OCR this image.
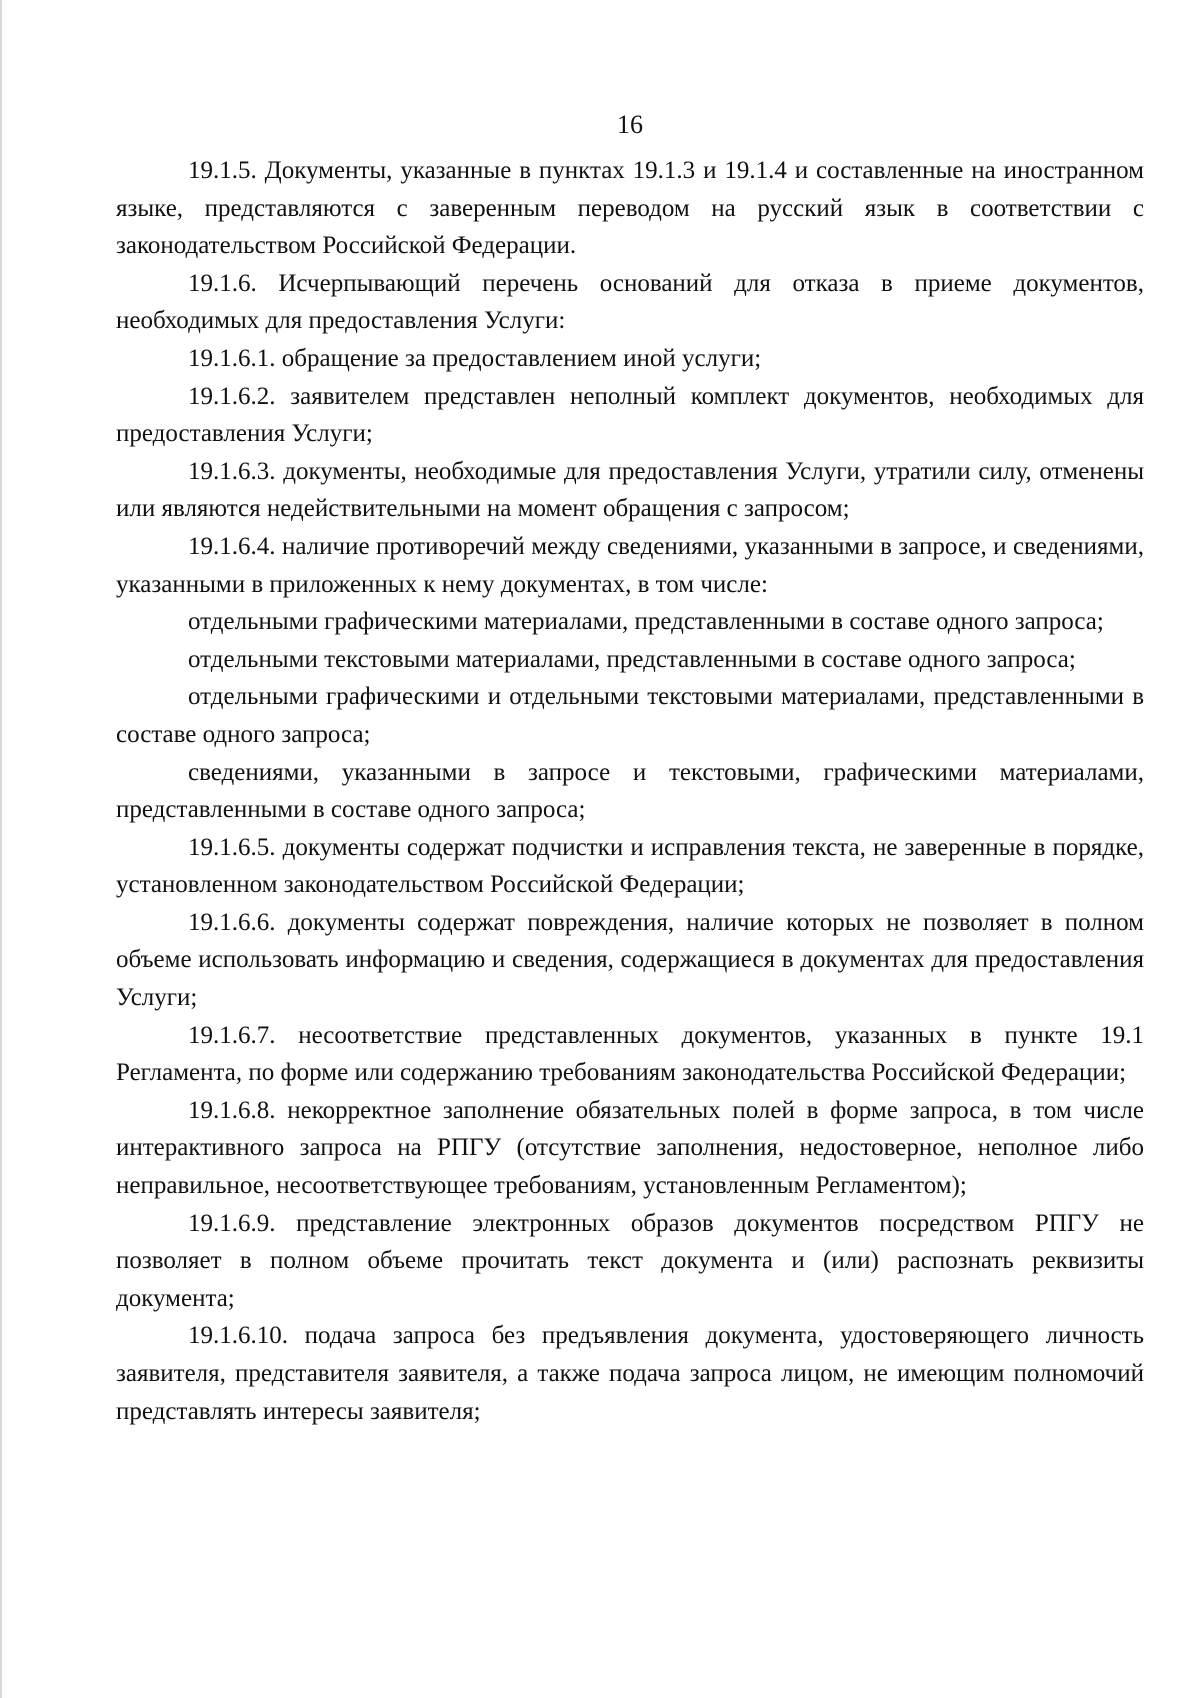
16

19.1.5. Документы, указанные в пунктах 19.1.3 и 19.1.4 и составленные на иностранном языке, представляются с заверенным переводом на русский язык в соответствии с законодательством Российской Федерации.

19.1.6. Исчерпывающий перечень оснований для отказа в приеме документов, необходимых для предоставления Услуги:

19.1.6.1. обращение за предоставлением иной услуги;

19.1.6.2. заявителем представлен неполный комплект документов, необходимых для предоставления Услуги;

19.1.6.3. документы, необходимые для предоставления Услуги, утратили силу, отменены или являются недействительными на момент обращения с запросом;

19.1.6.4. наличие противоречий между сведениями, указанными в запросе, и сведениями, указанными в приложенных к нему документах, в том числе:

отдельными графическими материалами, представленными в составе одного запроса;

отдельными текстовыми материалами, представленными в составе одного запроса;

отдельными графическими и отдельными текстовыми материалами, представленными в составе одного запроса;

сведениями, указанными в запросе и текстовыми, графическими материалами, представленными в составе одного запроса;

19.1.6.5. документы содержат подчистки и исправления текста, не заверенные в порядке, установленном законодательством Российской Федерации;

19.1.6.6. документы содержат повреждения, наличие которых не позволяет в полном объеме использовать информацию и сведения, содержащиеся в документах для предоставления Услуги;

19.1.6.7. несоответствие представленных документов, указанных в пункте 19.1 Регламента, по форме или содержанию требованиям законодательства Российской Федерации;

19.1.6.8. некорректное заполнение обязательных полей в форме запроса, в том числе интерактивного запроса на РПГУ (отсутствие заполнения, недостоверное, неполное либо неправильное, несоответствующее требованиям, установленным Регламентом);

19.1.6.9. представление электронных образов документов посредством РПГУ не позволяет в полном объеме прочитать текст документа и (или) распознать реквизиты документа;

19.1.6.10. подача запроса без предъявления документа, удостоверяющего личность заявителя, представителя заявителя, а также подача запроса лицом, не имеющим полномочий представлять интересы заявителя;
